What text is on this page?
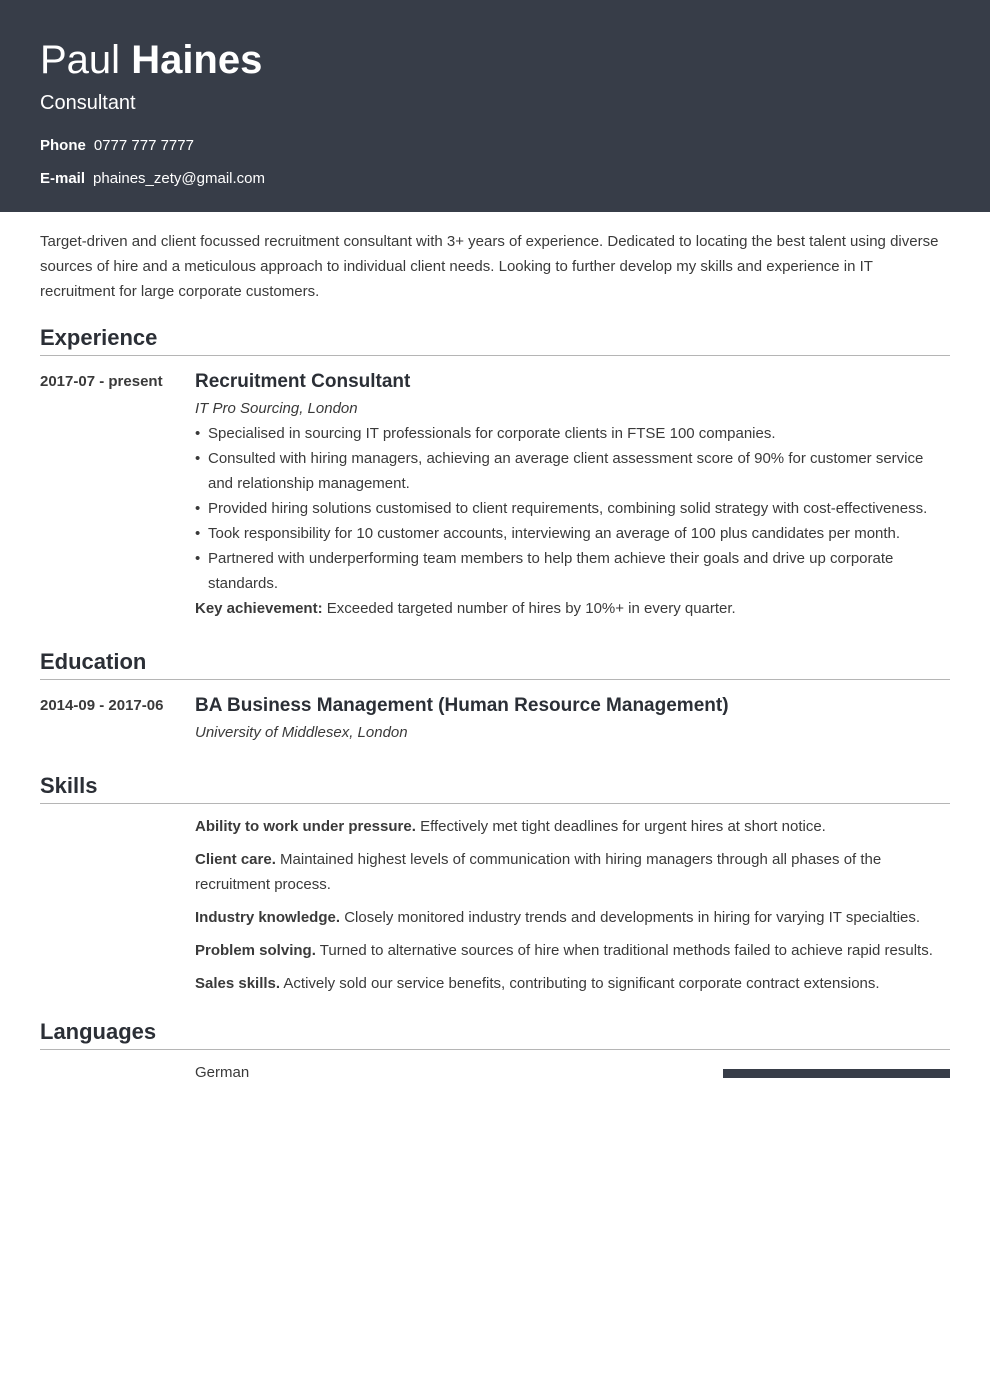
Paul Haines
Consultant
Phone 0777 777 7777
E-mail phaines_zety@gmail.com

Target-driven and client focussed recruitment consultant with 3+ years of experience. Dedicated to locating the best talent using diverse sources of hire and a meticulous approach to individual client needs. Looking to further develop my skills and experience in IT recruitment for large corporate customers.

Experience
2017-07 - present	Recruitment Consultant
IT Pro Sourcing, London
• Specialised in sourcing IT professionals for corporate clients in FTSE 100 companies.
• Consulted with hiring managers, achieving an average client assessment score of 90% for customer service and relationship management.
• Provided hiring solutions customised to client requirements, combining solid strategy with cost-effectiveness.
• Took responsibility for 10 customer accounts, interviewing an average of 100 plus candidates per month.
• Partnered with underperforming team members to help them achieve their goals and drive up corporate standards.
Key achievement: Exceeded targeted number of hires by 10%+ in every quarter.
Education
2014-09 - 2017-06	BA Business Management (Human Resource Management)
University of Middlesex, London
Skills
Ability to work under pressure. Effectively met tight deadlines for urgent hires at short notice.
Client care. Maintained highest levels of communication with hiring managers through all phases of the recruitment process.
Industry knowledge. Closely monitored industry trends and developments in hiring for varying IT specialties.
Problem solving. Turned to alternative sources of hire when traditional methods failed to achieve rapid results.
Sales skills. Actively sold our service benefits, contributing to significant corporate contract extensions.
Languages
German
